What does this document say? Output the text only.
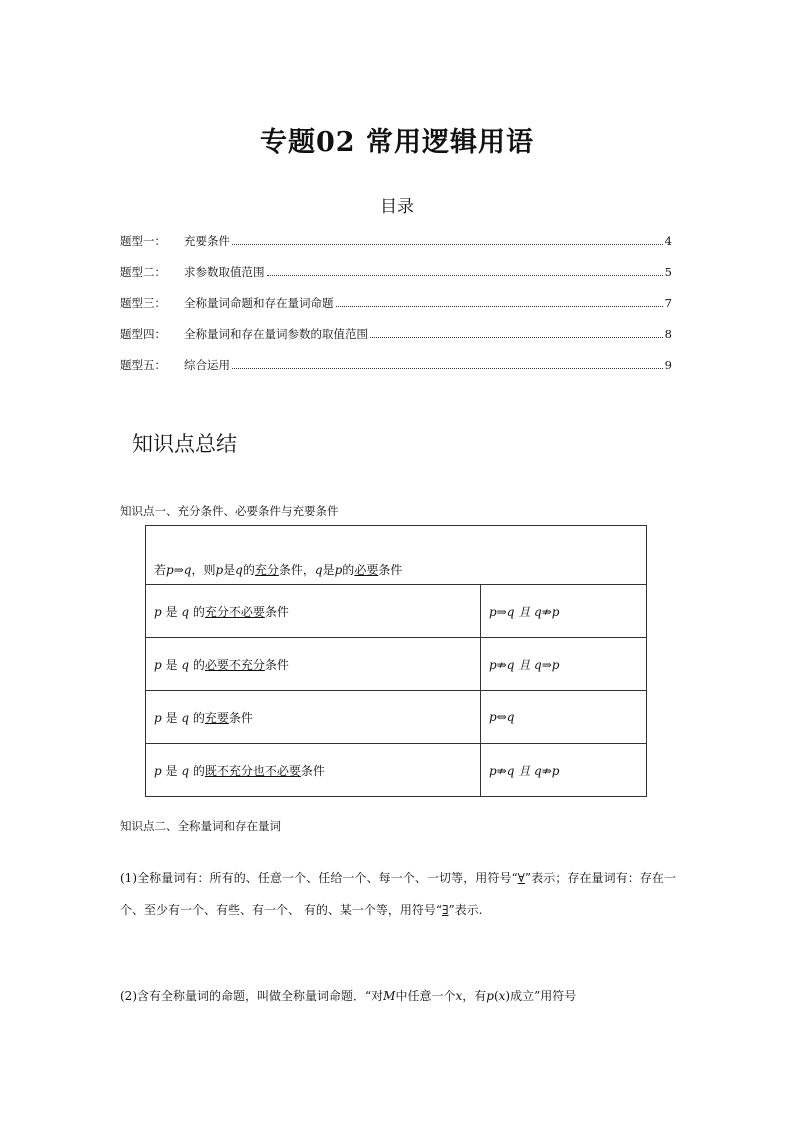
专题02 常用逻辑用语
目录
题型一：	充要条件	4
题型二：	求参数取值范围	5
题型三：	全称量词命题和存在量词命题	7
题型四：	全称量词和存在量词参数的取值范围	8
题型五：	综合运用	9
知识点总结
知识点一、充分条件、必要条件与充要条件
若p⇒q，则p是q的充分条件，q是p的必要条件	
p 是 q 的充分不必要条件	p⇒q 且 q⇏p
p 是 q 的必要不充分条件	p⇏q 且 q⇒p
p 是 q 的充要条件	p⇔q
p 是 q 的既不充分也不必要条件	p⇏q 且 q⇏p
知识点二、全称量词和存在量词
(1)全称量词有：所有的、任意一个、任给一个、每一个、一切等，用符号“∀”表示；存在量词有：存在一个、至少有一个、有些、有一个、 有的、某一个等，用符号“∃”表示.
(2)含有全称量词的命题，叫做全称量词命题．“对M中任意一个x，有p(x)成立”用符号
